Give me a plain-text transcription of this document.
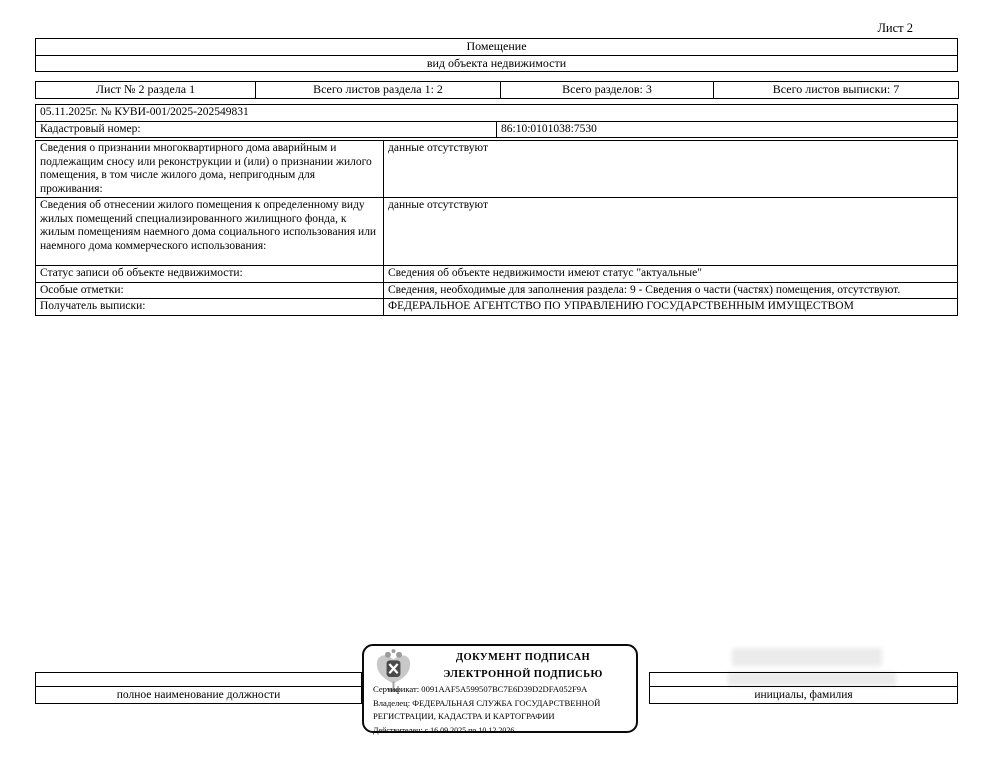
Лист 2
Помещение
вид объекта недвижимости
Лист № 2 раздела 1	Всего листов раздела 1: 2	Всего разделов: 3	Всего листов выписки: 7
05.11.2025г. № КУВИ-001/2025-202549831
Кадастровый номер:	86:10:0101038:7530
Сведения о признании многоквартирного дома аварийным и подлежащим сносу или реконструкции и (или) о признании жилого помещения, в том числе жилого дома, непригодным для проживания:	данные отсутствуют
Сведения об отнесении жилого помещения к определенному виду жилых помещений специализированного жилищного фонда, к жилым помещениям наемного дома социального использования или наемного дома коммерческого использования:	данные отсутствуют
Статус записи об объекте недвижимости:	Сведения об объекте недвижимости имеют статус "актуальные"
Особые отметки:	Сведения, необходимые для заполнения раздела: 9 - Сведения о части (частях) помещения, отсутствуют.
Получатель выписки:	ФЕДЕРАЛЬНОЕ АГЕНТСТВО ПО УПРАВЛЕНИЮ ГОСУДАРСТВЕННЫМ ИМУЩЕСТВОМ

полное наименование должности	инициалы, фамилия
ДОКУМЕНТ ПОДПИСАН
ЭЛЕКТРОННОЙ ПОДПИСЬЮ
Сертификат: 0091AAF5A599507BC7E6D39D2DFA052F9A
Владелец: ФЕДЕРАЛЬНАЯ СЛУЖБА ГОСУДАРСТВЕННОЙ
РЕГИСТРАЦИИ, КАДАСТРА И КАРТОГРАФИИ
Действителен: с 16.09.2025 по 10.12.2026
